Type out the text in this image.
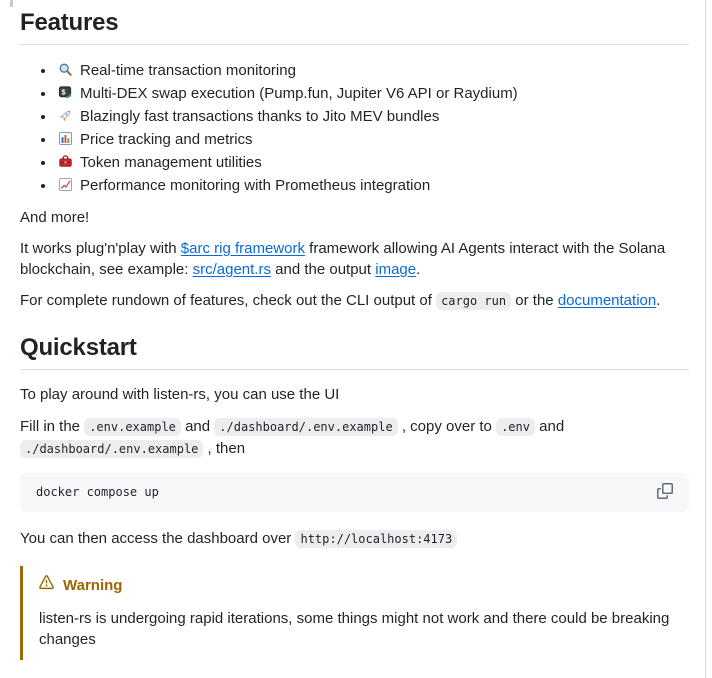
Features
• Real-time transaction monitoring
• $ Multi-DEX swap execution (Pump.fun, Jupiter V6 API or Raydium)
• Blazingly fast transactions thanks to Jito MEV bundles
• Price tracking and metrics
• Token management utilities
• Performance monitoring with Prometheus integration

And more!

It works plug'n'play with $arc rig framework framework allowing AI Agents interact with the Solana blockchain, see example: src/agent.rs and the output image.

For complete rundown of features, check out the CLI output of cargo run or the documentation.

Quickstart

To play around with listen-rs, you can use the UI

Fill in the .env.example and ./dashboard/.env.example , copy over to .env and ./dashboard/.env.example , then

docker compose up

You can then access the dashboard over http://localhost:4173

Warning

listen-rs is undergoing rapid iterations, some things might not work and there could be breaking changes
